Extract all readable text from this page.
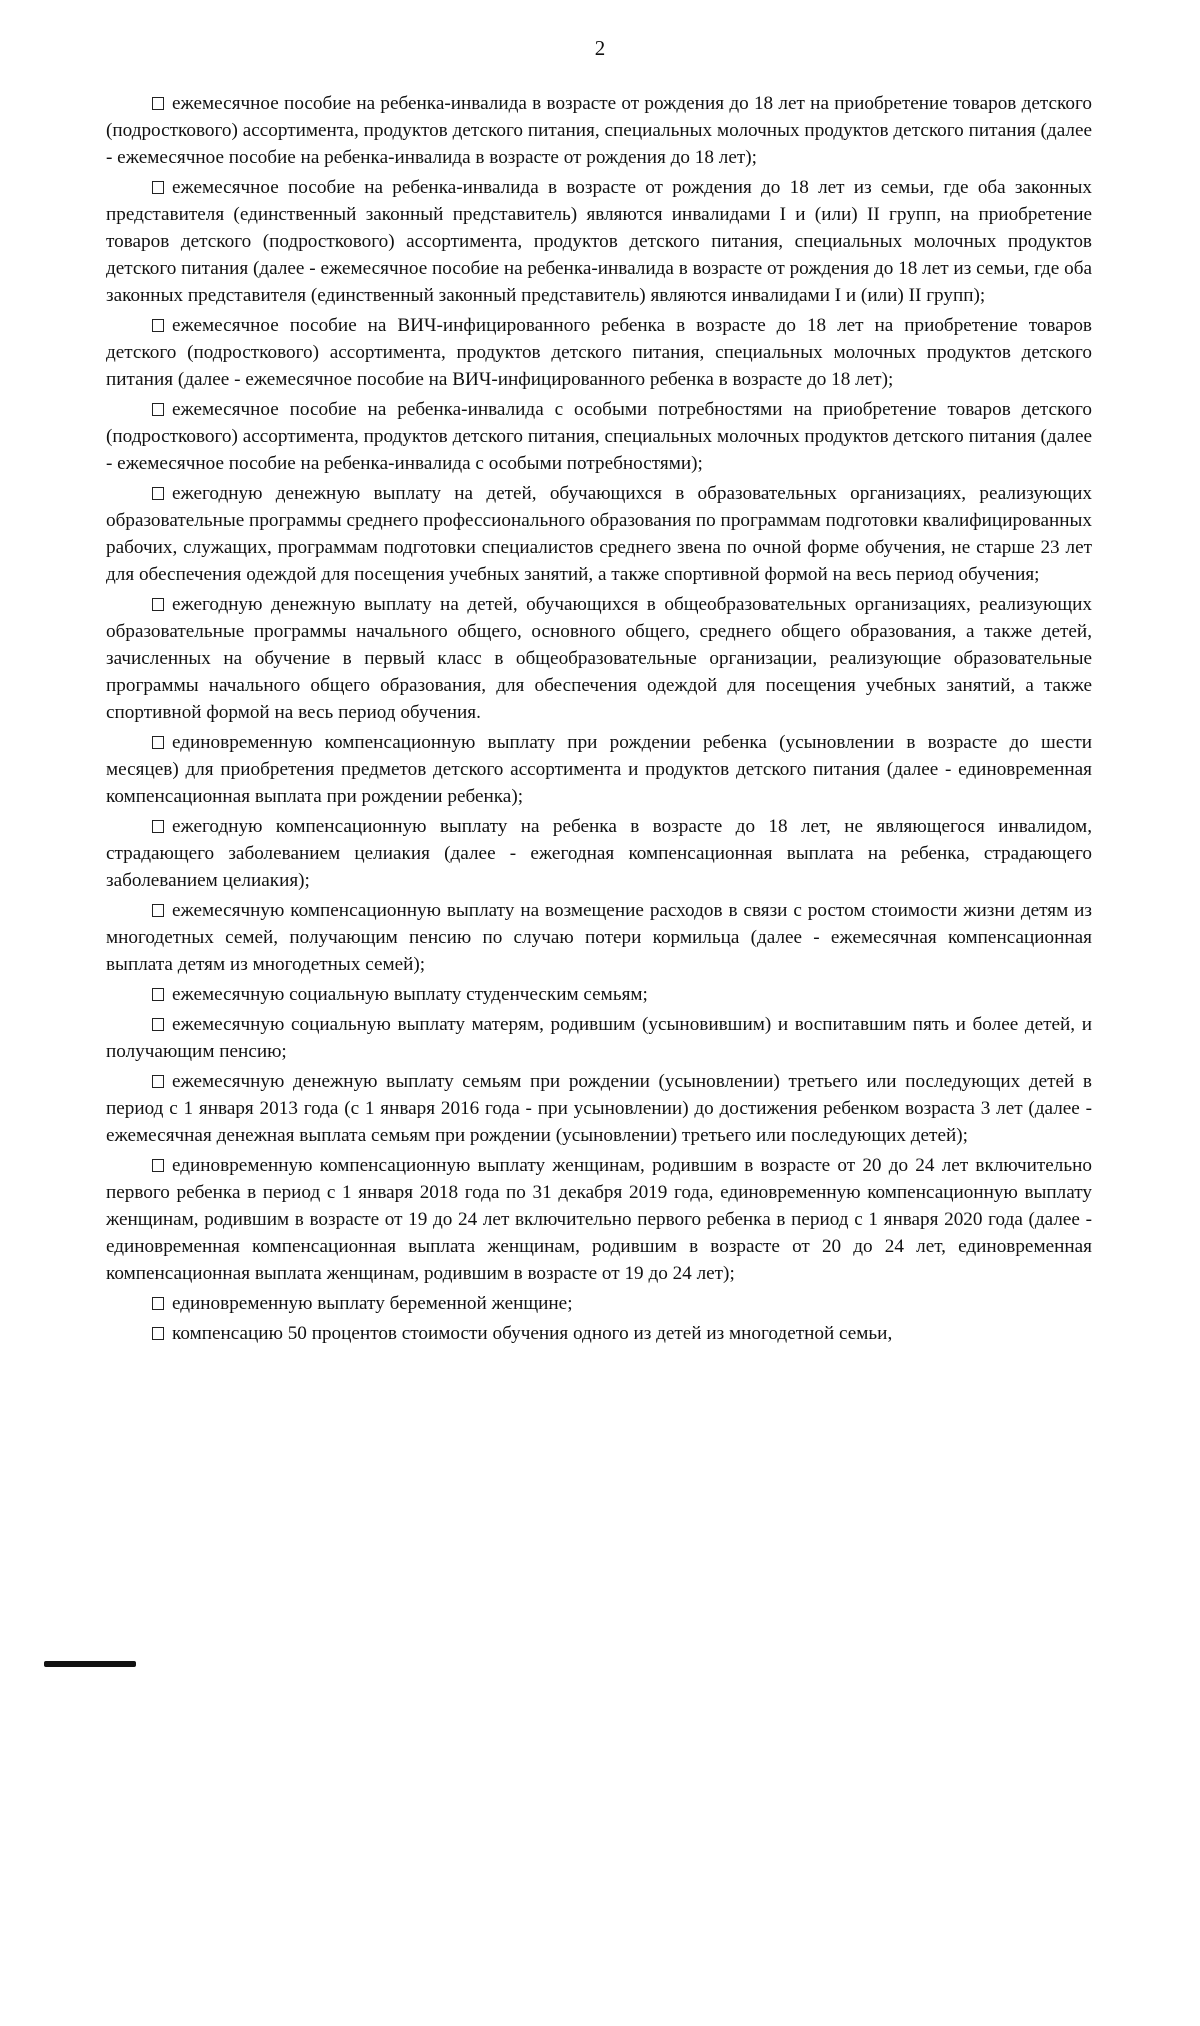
2

ежемесячное пособие на ребенка-инвалида в возрасте от рождения до 18 лет на приобретение товаров детского (подросткового) ассортимента, продуктов детского питания, специальных молочных продуктов детского питания (далее - ежемесячное пособие на ребенка-инвалида в возрасте от рождения до 18 лет);

ежемесячное пособие на ребенка-инвалида в возрасте от рождения до 18 лет из семьи, где оба законных представителя (единственный законный представитель) являются инвалидами I и (или) II групп, на приобретение товаров детского (подросткового) ассортимента, продуктов детского питания, специальных молочных продуктов детского питания (далее - ежемесячное пособие на ребенка-инвалида в возрасте от рождения до 18 лет из семьи, где оба законных представителя (единственный законный представитель) являются инвалидами I и (или) II групп);

ежемесячное пособие на ВИЧ-инфицированного ребенка в возрасте до 18 лет на приобретение товаров детского (подросткового) ассортимента, продуктов детского питания, специальных молочных продуктов детского питания (далее - ежемесячное пособие на ВИЧ-инфицированного ребенка в возрасте до 18 лет);

ежемесячное пособие на ребенка-инвалида с особыми потребностями на приобретение товаров детского (подросткового) ассортимента, продуктов детского питания, специальных молочных продуктов детского питания (далее - ежемесячное пособие на ребенка-инвалида с особыми потребностями);

ежегодную денежную выплату на детей, обучающихся в образовательных организациях, реализующих образовательные программы среднего профессионального образования по программам подготовки квалифицированных рабочих, служащих, программам подготовки специалистов среднего звена по очной форме обучения, не старше 23 лет для обеспечения одеждой для посещения учебных занятий, а также спортивной формой на весь период обучения;

ежегодную денежную выплату на детей, обучающихся в общеобразовательных организациях, реализующих образовательные программы начального общего, основного общего, среднего общего образования, а также детей, зачисленных на обучение в первый класс в общеобразовательные организации, реализующие образовательные программы начального общего образования, для обеспечения одеждой для посещения учебных занятий, а также спортивной формой на весь период обучения.

единовременную компенсационную выплату при рождении ребенка (усыновлении в возрасте до шести месяцев) для приобретения предметов детского ассортимента и продуктов детского питания (далее - единовременная компенсационная выплата при рождении ребенка);

ежегодную компенсационную выплату на ребенка в возрасте до 18 лет, не являющегося инвалидом, страдающего заболеванием целиакия (далее - ежегодная компенсационная выплата на ребенка, страдающего заболеванием целиакия);

ежемесячную компенсационную выплату на возмещение расходов в связи с ростом стоимости жизни детям из многодетных семей, получающим пенсию по случаю потери кормильца (далее - ежемесячная компенсационная выплата детям из многодетных семей);

ежемесячную социальную выплату студенческим семьям;

ежемесячную социальную выплату матерям, родившим (усыновившим) и воспитавшим пять и более детей, и получающим пенсию;

ежемесячную денежную выплату семьям при рождении (усыновлении) третьего или последующих детей в период с 1 января 2013 года (с 1 января 2016 года - при усыновлении) до достижения ребенком возраста 3 лет (далее - ежемесячная денежная выплата семьям при рождении (усыновлении) третьего или последующих детей);

единовременную компенсационную выплату женщинам, родившим в возрасте от 20 до 24 лет включительно первого ребенка в период с 1 января 2018 года по 31 декабря 2019 года, единовременную компенсационную выплату женщинам, родившим в возрасте от 19 до 24 лет включительно первого ребенка в период с 1 января 2020 года (далее - единовременная компенсационная выплата женщинам, родившим в возрасте от 20 до 24 лет, единовременная компенсационная выплата женщинам, родившим в возрасте от 19 до 24 лет);

единовременную выплату беременной женщине;

компенсацию 50 процентов стоимости обучения одного из детей из многодетной семьи,
